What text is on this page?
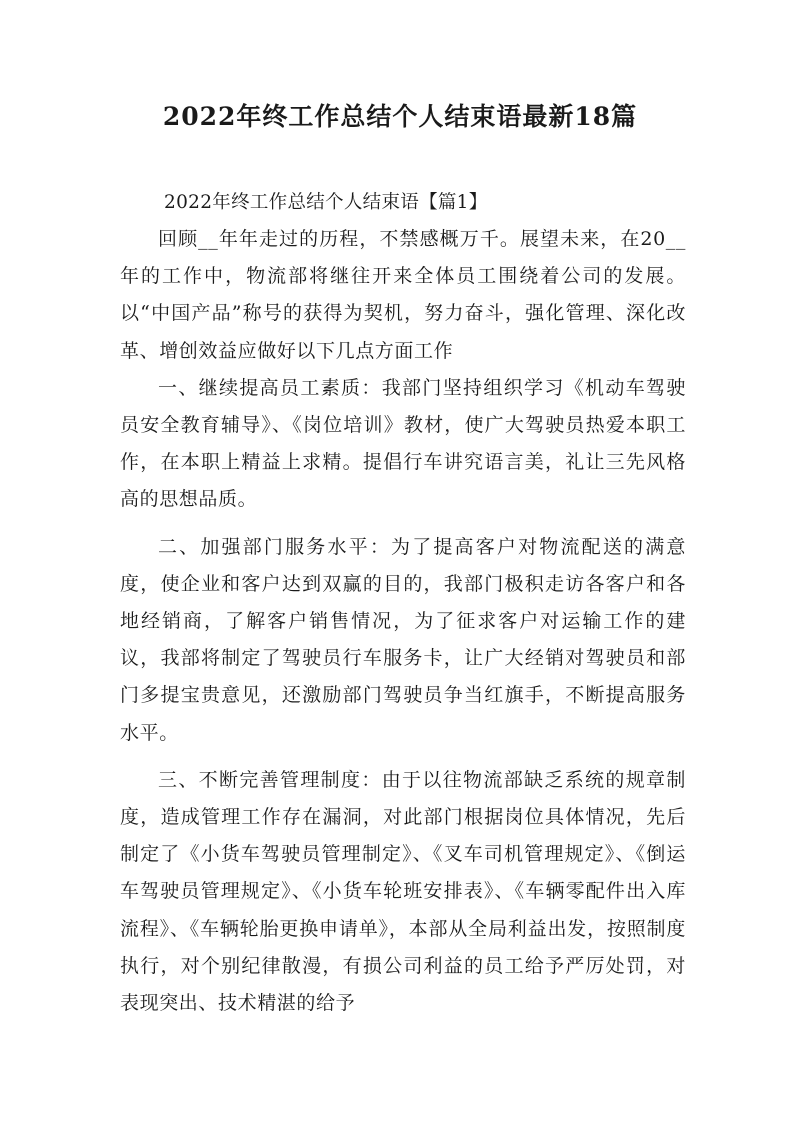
2022年终工作总结个人结束语最新18篇

2022年终工作总结个人结束语【篇1】

回顾__年年走过的历程，不禁感概万千。展望未来，在20__年的工作中，物流部将继往开来全体员工围绕着公司的发展。以“中国产品”称号的获得为契机，努力奋斗，强化管理、深化改革、增创效益应做好以下几点方面工作

一、继续提高员工素质：我部门坚持组织学习《机动车驾驶员安全教育辅导》、《岗位培训》教材，使广大驾驶员热爱本职工作，在本职上精益上求精。提倡行车讲究语言美，礼让三先风格高的思想品质。

二、加强部门服务水平：为了提高客户对物流配送的满意度，使企业和客户达到双赢的目的，我部门极积走访各客户和各地经销商，了解客户销售情况，为了征求客户对运输工作的建议，我部将制定了驾驶员行车服务卡，让广大经销对驾驶员和部门多提宝贵意见，还激励部门驾驶员争当红旗手，不断提高服务水平。

三、不断完善管理制度：由于以往物流部缺乏系统的规章制度，造成管理工作存在漏洞，对此部门根据岗位具体情况，先后制定了《小货车驾驶员管理制定》、《叉车司机管理规定》、《倒运车驾驶员管理规定》、《小货车轮班安排表》、《车辆零配件出入库流程》、《车辆轮胎更换申请单》，本部从全局利益出发，按照制度执行，对个别纪律散漫，有损公司利益的员工给予严厉处罚，对表现突出、技术精湛的给予
